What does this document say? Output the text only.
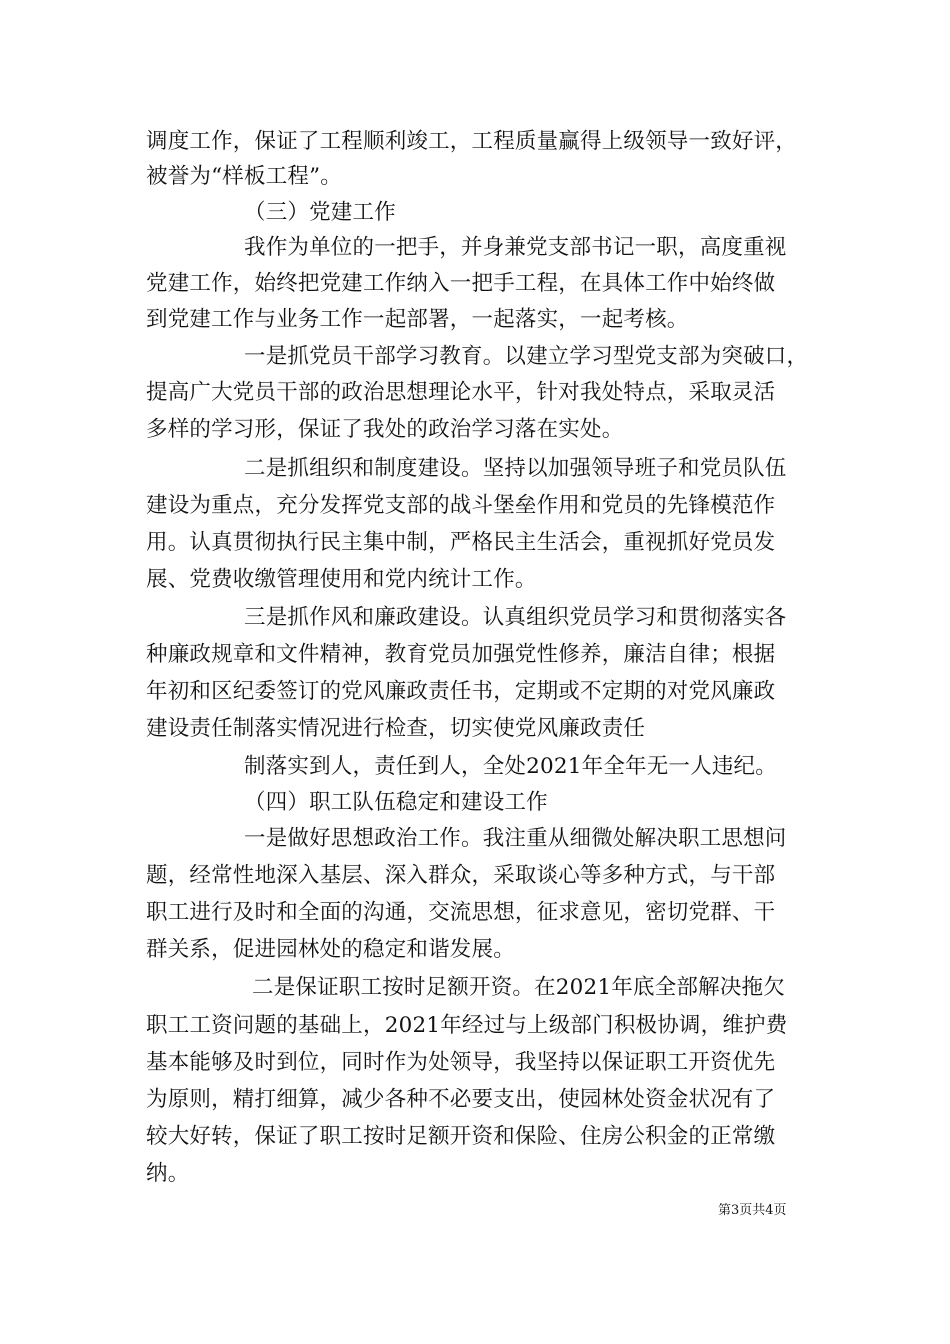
调度工作，保证了工程顺利竣工，工程质量赢得上级领导一致好评，
被誉为“样板工程”。
（三）党建工作
我作为单位的一把手，并身兼党支部书记一职，高度重视
党建工作，始终把党建工作纳入一把手工程，在具体工作中始终做
到党建工作与业务工作一起部署，一起落实，一起考核。
一是抓党员干部学习教育。以建立学习型党支部为突破口，
提高广大党员干部的政治思想理论水平，针对我处特点，采取灵活
多样的学习形，保证了我处的政治学习落在实处。
二是抓组织和制度建设。坚持以加强领导班子和党员队伍
建设为重点，充分发挥党支部的战斗堡垒作用和党员的先锋模范作
用。认真贯彻执行民主集中制，严格民主生活会，重视抓好党员发
展、党费收缴管理使用和党内统计工作。
三是抓作风和廉政建设。认真组织党员学习和贯彻落实各
种廉政规章和文件精神，教育党员加强党性修养，廉洁自律；根据
年初和区纪委签订的党风廉政责任书，定期或不定期的对党风廉政
建设责任制落实情况进行检查，切实使党风廉政责任
制落实到人，责任到人，全处2021年全年无一人违纪。
（四）职工队伍稳定和建设工作
一是做好思想政治工作。我注重从细微处解决职工思想问
题，经常性地深入基层、深入群众，采取谈心等多种方式，与干部
职工进行及时和全面的沟通，交流思想，征求意见，密切党群、干
群关系，促进园林处的稳定和谐发展。
二是保证职工按时足额开资。在2021年底全部解决拖欠
职工工资问题的基础上，2021年经过与上级部门积极协调，维护费
基本能够及时到位，同时作为处领导，我坚持以保证职工开资优先
为原则，精打细算，减少各种不必要支出，使园林处资金状况有了
较大好转，保证了职工按时足额开资和保险、住房公积金的正常缴
纳。
第3页共4页
